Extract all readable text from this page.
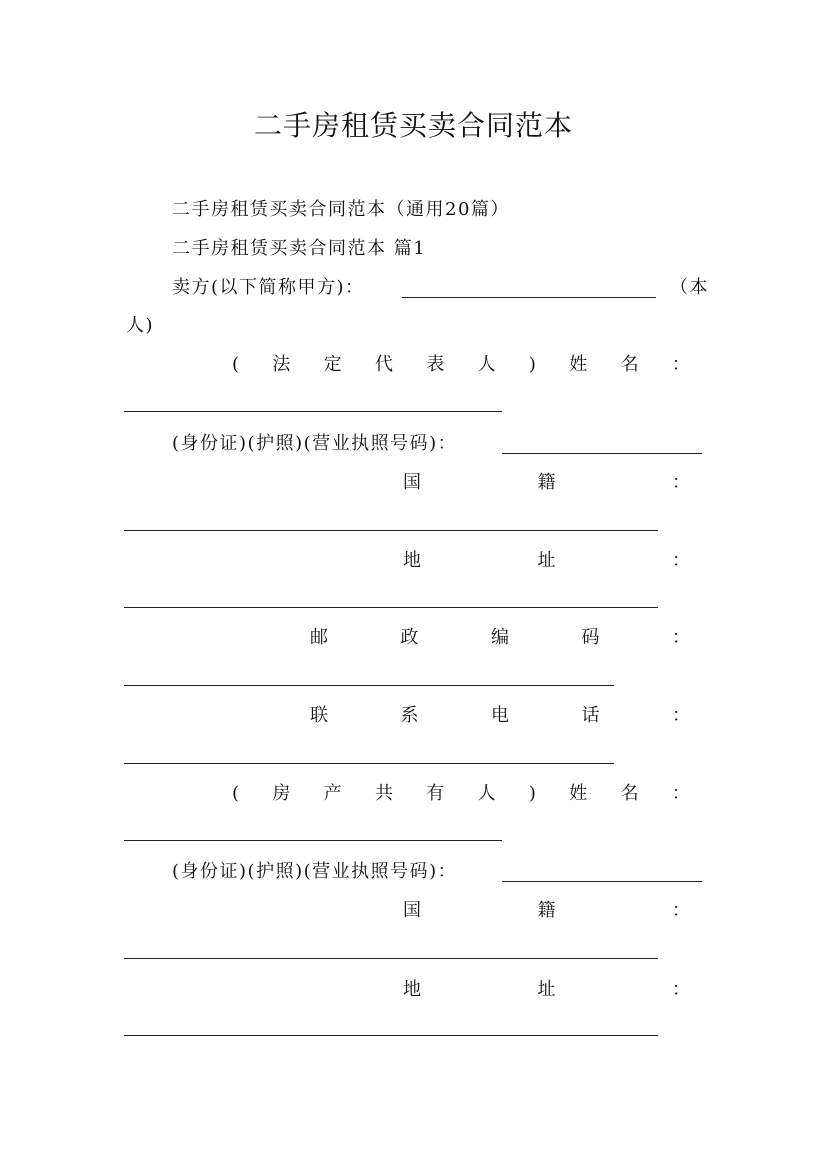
二手房租赁买卖合同范本
二手房租赁买卖合同范本（通用20篇）
二手房租赁买卖合同范本 篇1
卖方(以下简称甲方)：	（本
人)
( 法 定 代 表 人 ) 姓 名 ：
(身份证)(护照)(营业执照号码)：
国	籍	：
地	址	：
邮	政	编	码	：
联	系	电	话	：
( 房 产 共 有 人 ) 姓 名 ：
(身份证)(护照)(营业执照号码)：
国	籍	：
地	址	：
